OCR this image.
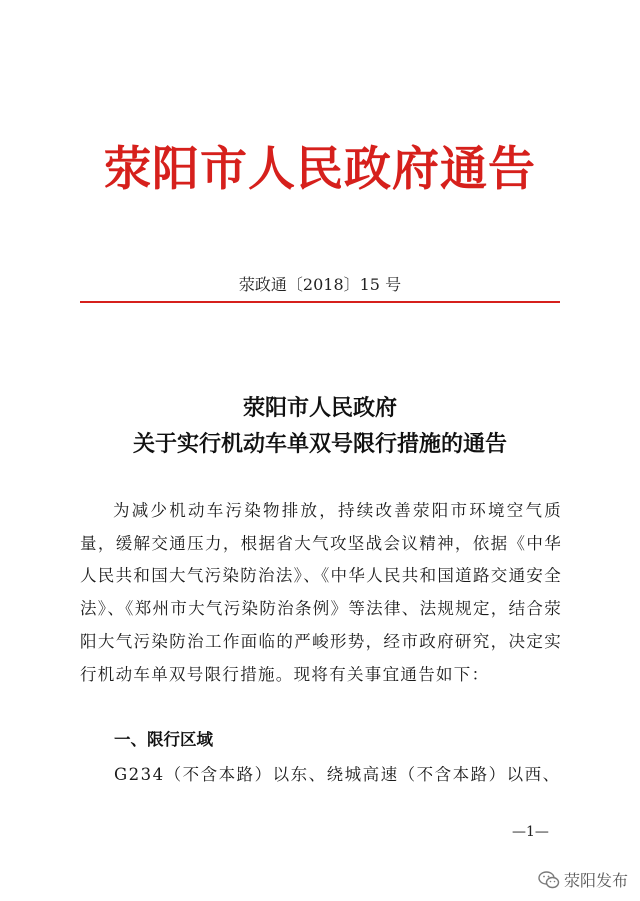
荥阳市人民政府通告
荥政通〔2018〕15 号
荥阳市人民政府
关于实行机动车单双号限行措施的通告

为减少机动车污染物排放，持续改善荥阳市环境空气质量，缓解交通压力，根据省大气攻坚战会议精神，依据《中华人民共和国大气污染防治法》、《中华人民共和国道路交通安全法》、《郑州市大气污染防治条例》等法律、法规规定，结合荥阳大气污染防治工作面临的严峻形势，经市政府研究，决定实行机动车单双号限行措施。现将有关事宜通告如下：

一、限行区域
G234（不含本路）以东、绕城高速（不含本路）以西、
—1—
荥阳发布
